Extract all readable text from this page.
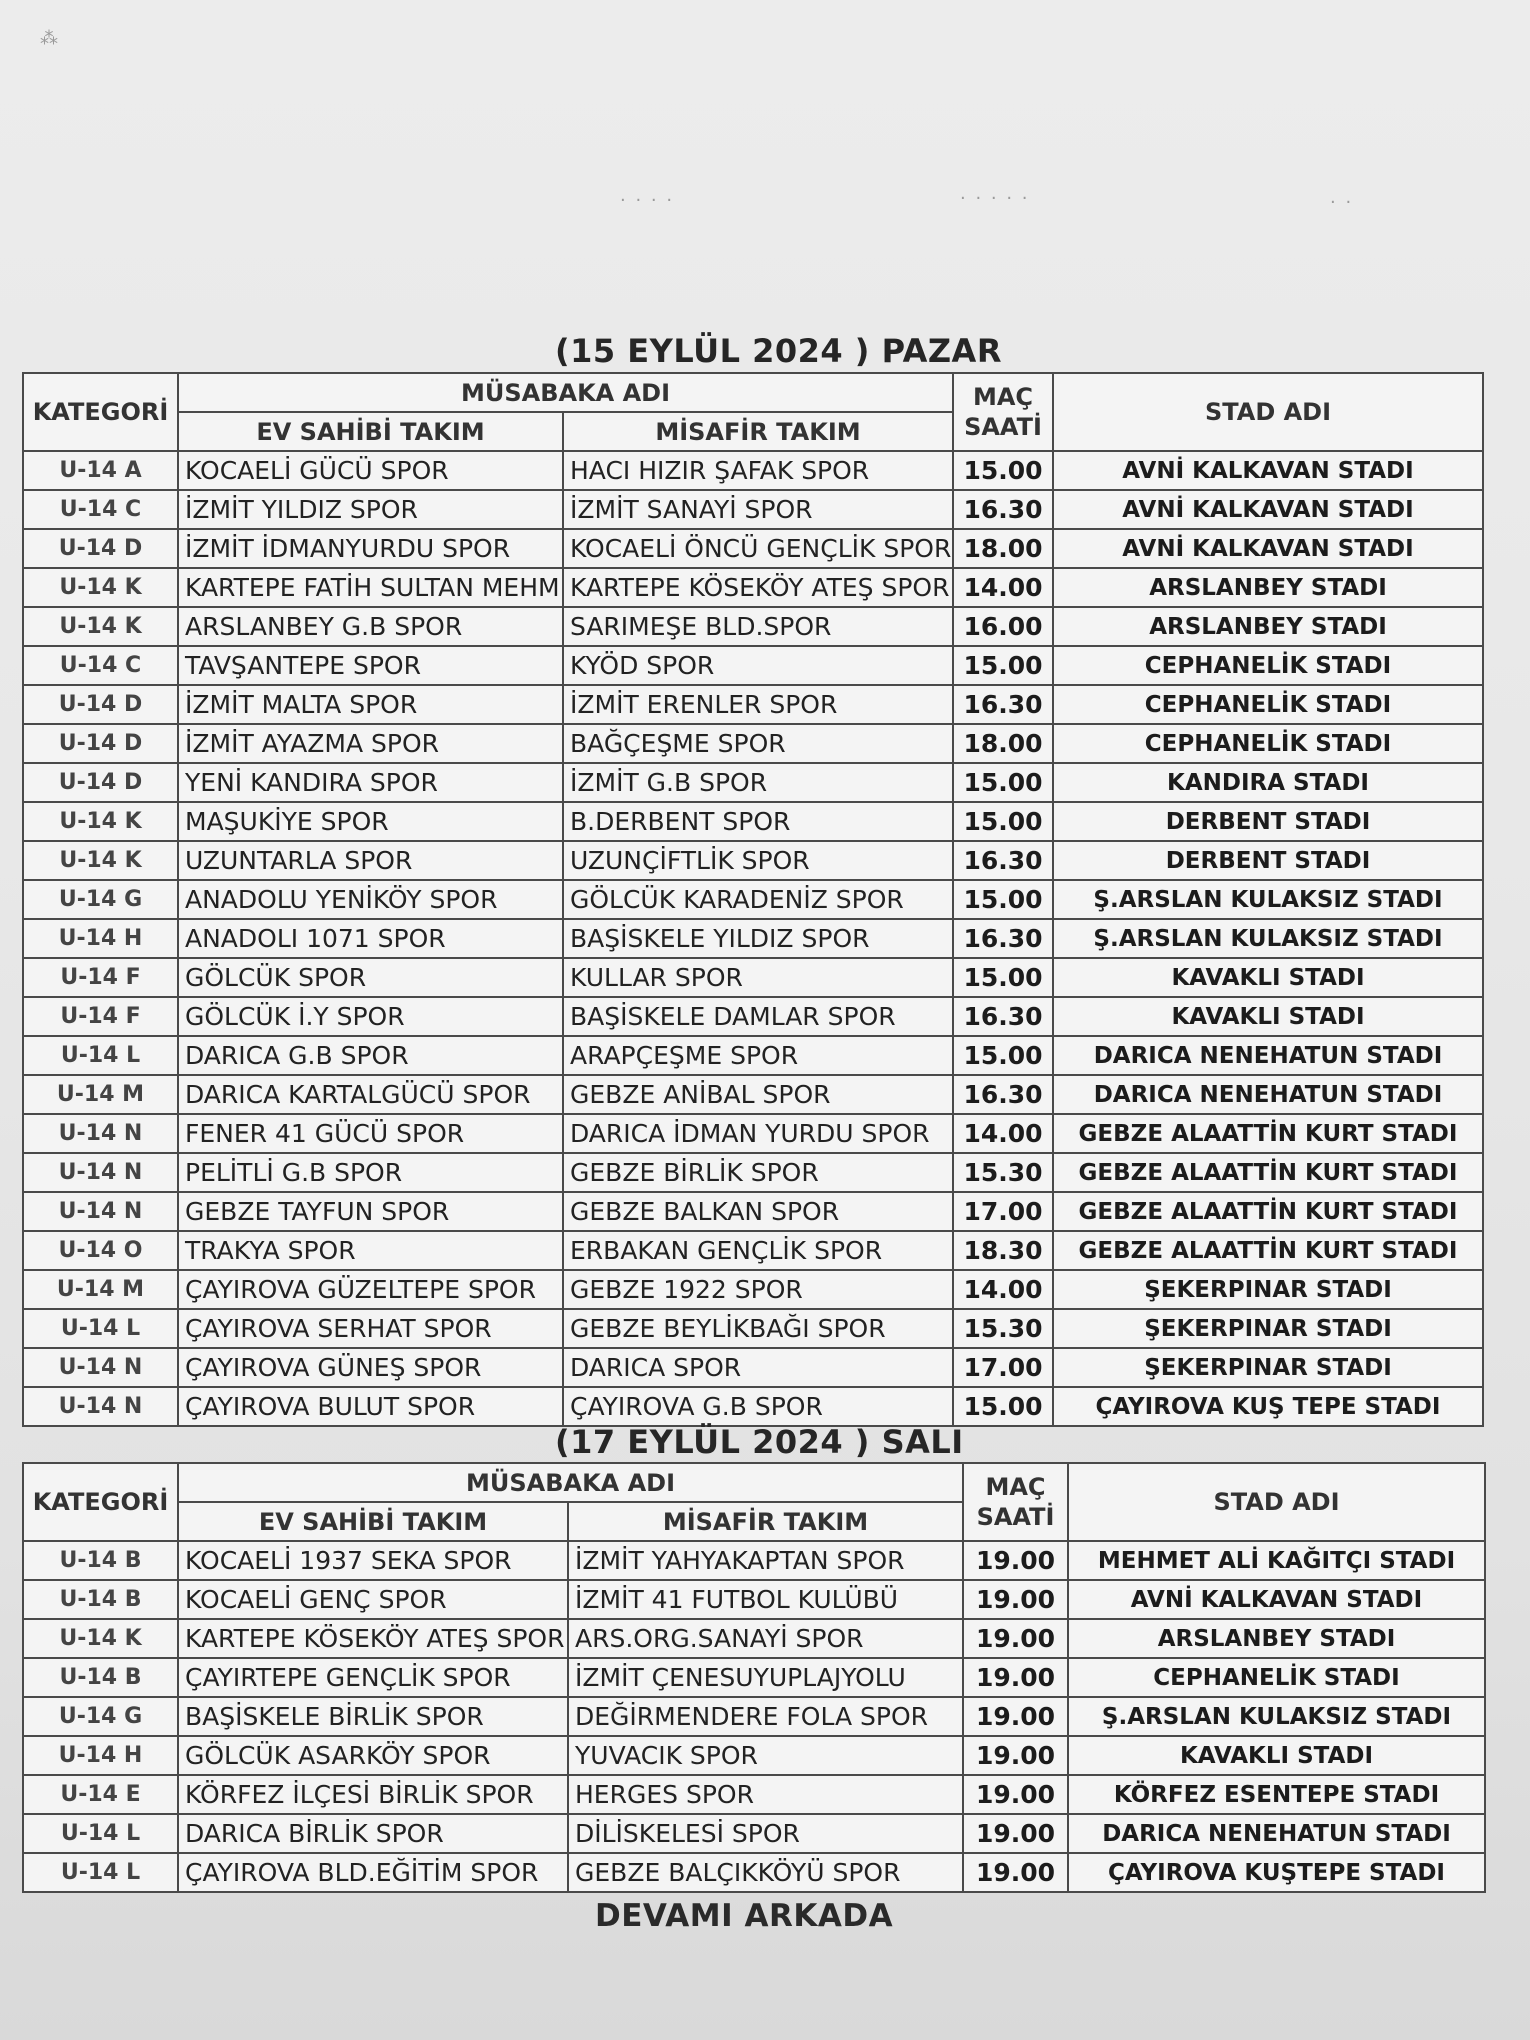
⁂
· · · ·	· · · · ·	· ·
(15 EYLÜL 2024 ) PAZAR
KATEGORİ	MÜSABAKA ADI		MAÇ SAATİ	STAD ADI
	EV SAHİBİ TAKIM	MİSAFİR TAKIM		
U-14 A	KOCAELİ GÜCÜ SPOR	HACI HIZIR ŞAFAK SPOR	15.00	AVNİ KALKAVAN STADI
U-14 C	İZMİT YILDIZ SPOR	İZMİT SANAYİ SPOR	16.30	AVNİ KALKAVAN STADI
U-14 D	İZMİT İDMANYURDU SPOR	KOCAELİ ÖNCÜ GENÇLİK SPOR	18.00	AVNİ KALKAVAN STADI
U-14 K	KARTEPE FATİH SULTAN MEHM	KARTEPE KÖSEKÖY ATEŞ SPOR	14.00	ARSLANBEY STADI
U-14 K	ARSLANBEY G.B SPOR	SARIMEŞE BLD.SPOR	16.00	ARSLANBEY STADI
U-14 C	TAVŞANTEPE SPOR	KYÖD SPOR	15.00	CEPHANELİK STADI
U-14 D	İZMİT MALTA SPOR	İZMİT ERENLER SPOR	16.30	CEPHANELİK STADI
U-14 D	İZMİT AYAZMA SPOR	BAĞÇEŞME SPOR	18.00	CEPHANELİK STADI
U-14 D	YENİ KANDIRA SPOR	İZMİT G.B SPOR	15.00	KANDIRA STADI
U-14 K	MAŞUKİYE SPOR	B.DERBENT SPOR	15.00	DERBENT STADI
U-14 K	UZUNTARLA SPOR	UZUNÇİFTLİK SPOR	16.30	DERBENT STADI
U-14 G	ANADOLU YENİKÖY SPOR	GÖLCÜK KARADENİZ SPOR	15.00	Ş.ARSLAN KULAKSIZ STADI
U-14 H	ANADOLI 1071 SPOR	BAŞİSKELE YILDIZ SPOR	16.30	Ş.ARSLAN KULAKSIZ STADI
U-14 F	GÖLCÜK SPOR	KULLAR SPOR	15.00	KAVAKLI STADI
U-14 F	GÖLCÜK İ.Y SPOR	BAŞİSKELE DAMLAR SPOR	16.30	KAVAKLI STADI
U-14 L	DARICA G.B SPOR	ARAPÇEŞME SPOR	15.00	DARICA NENEHATUN STADI
U-14 M	DARICA KARTALGÜCÜ SPOR	GEBZE ANİBAL SPOR	16.30	DARICA NENEHATUN STADI
U-14 N	FENER 41 GÜCÜ SPOR	DARICA İDMAN YURDU SPOR	14.00	GEBZE ALAATTİN KURT STADI
U-14 N	PELİTLİ G.B SPOR	GEBZE BİRLİK SPOR	15.30	GEBZE ALAATTİN KURT STADI
U-14 N	GEBZE TAYFUN SPOR	GEBZE BALKAN SPOR	17.00	GEBZE ALAATTİN KURT STADI
U-14 O	TRAKYA SPOR	ERBAKAN GENÇLİK SPOR	18.30	GEBZE ALAATTİN KURT STADI
U-14 M	ÇAYIROVA GÜZELTEPE SPOR	GEBZE 1922 SPOR	14.00	ŞEKERPINAR STADI
U-14 L	ÇAYIROVA SERHAT SPOR	GEBZE BEYLİKBAĞI SPOR	15.30	ŞEKERPINAR STADI
U-14 N	ÇAYIROVA GÜNEŞ SPOR	DARICA SPOR	17.00	ŞEKERPINAR STADI
U-14 N	ÇAYIROVA BULUT SPOR	ÇAYIROVA G.B SPOR	15.00	ÇAYIROVA KUŞ TEPE STADI
(17 EYLÜL 2024 ) SALI
KATEGORİ	MÜSABAKA ADI		MAÇ SAATİ	STAD ADI
	EV SAHİBİ TAKIM	MİSAFİR TAKIM		
U-14 B	KOCAELİ 1937 SEKA SPOR	İZMİT YAHYAKAPTAN SPOR	19.00	MEHMET ALİ KAĞITÇI STADI
U-14 B	KOCAELİ GENÇ SPOR	İZMİT 41 FUTBOL KULÜBÜ	19.00	AVNİ KALKAVAN STADI
U-14 K	KARTEPE KÖSEKÖY ATEŞ SPOR	ARS.ORG.SANAYİ SPOR	19.00	ARSLANBEY STADI
U-14 B	ÇAYIRTEPE GENÇLİK SPOR	İZMİT ÇENESUYUPLAJYOLU	19.00	CEPHANELİK STADI
U-14 G	BAŞİSKELE BİRLİK SPOR	DEĞİRMENDERE FOLA SPOR	19.00	Ş.ARSLAN KULAKSIZ STADI
U-14 H	GÖLCÜK ASARKÖY SPOR	YUVACIK SPOR	19.00	KAVAKLI STADI
U-14 E	KÖRFEZ İLÇESİ BİRLİK SPOR	HERGES SPOR	19.00	KÖRFEZ ESENTEPE STADI
U-14 L	DARICA BİRLİK SPOR	DİLİSKELESİ SPOR	19.00	DARICA NENEHATUN STADI
U-14 L	ÇAYIROVA BLD.EĞİTİM SPOR	GEBZE BALÇIKKÖYÜ SPOR	19.00	ÇAYIROVA KUŞTEPE STADI
DEVAMI ARKADA
